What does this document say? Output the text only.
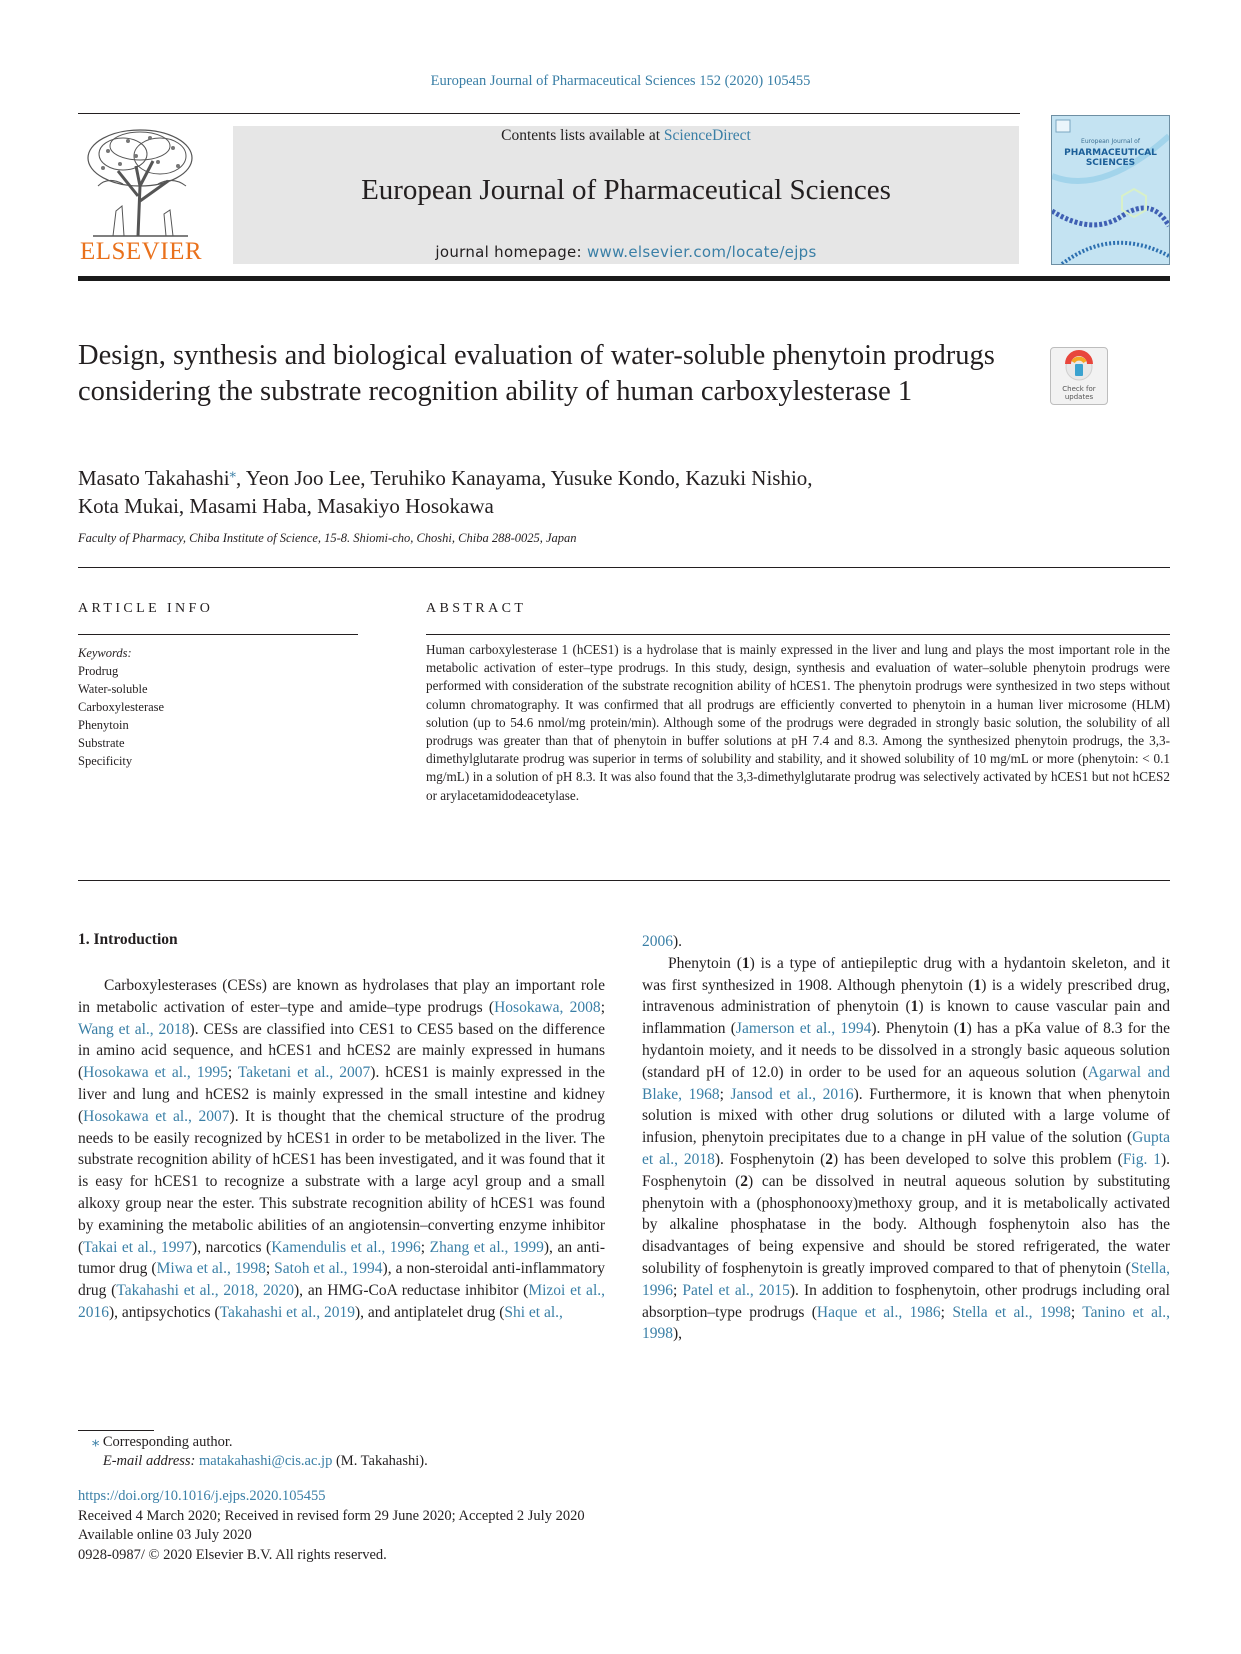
European Journal of Pharmaceutical Sciences 152 (2020) 105455
ELSEVIER
Contents lists available at ScienceDirect
European Journal of Pharmaceutical Sciences
journal homepage: www.elsevier.com/locate/ejps
European Journal of
PHARMACEUTICAL
SCIENCES
Design, synthesis and biological evaluation of water-soluble phenytoin prodrugs considering the substrate recognition ability of human carboxylesterase 1	Check for
updates
Masato Takahashi⁎, Yeon Joo Lee, Teruhiko Kanayama, Yusuke Kondo, Kazuki Nishio,
Kota Mukai, Masami Haba, Masakiyo Hosokawa
Faculty of Pharmacy, Chiba Institute of Science, 15-8. Shiomi-cho, Choshi, Chiba 288-0025, Japan
ARTICLE INFO	ABSTRACT
Keywords:
Prodrug
Water-soluble
Carboxylesterase
Phenytoin
Substrate
Specificity
Human carboxylesterase 1 (hCES1) is a hydrolase that is mainly expressed in the liver and lung and plays the most important role in the metabolic activation of ester–type prodrugs. In this study, design, synthesis and evaluation of water–soluble phenytoin prodrugs were performed with consideration of the substrate recognition ability of hCES1. The phenytoin prodrugs were synthesized in two steps without column chromatography. It was confirmed that all prodrugs are efficiently converted to phenytoin in a human liver microsome (HLM) solution (up to 54.6 nmol/mg protein/min). Although some of the prodrugs were degraded in strongly basic solution, the solubility of all prodrugs was greater than that of phenytoin in buffer solutions at pH 7.4 and 8.3. Among the synthesized phenytoin prodrugs, the 3,3-dimethylglutarate prodrug was superior in terms of solubility and stability, and it showed solubility of 10 mg/mL or more (phenytoin: < 0.1 mg/mL) in a solution of pH 8.3. It was also found that the 3,3-dimethylglutarate prodrug was selectively activated by hCES1 but not hCES2 or arylacetamidodeacetylase.
1. Introduction

Carboxylesterases (CESs) are known as hydrolases that play an important role in metabolic activation of ester–type and amide–type prodrugs (Hosokawa, 2008; Wang et al., 2018). CESs are classified into CES1 to CES5 based on the difference in amino acid sequence, and hCES1 and hCES2 are mainly expressed in humans (Hosokawa et al., 1995; Taketani et al., 2007). hCES1 is mainly expressed in the liver and lung and hCES2 is mainly expressed in the small intestine and kidney (Hosokawa et al., 2007). It is thought that the chemical structure of the prodrug needs to be easily recognized by hCES1 in order to be metabolized in the liver. The substrate recognition ability of hCES1 has been investigated, and it was found that it is easy for hCES1 to recognize a substrate with a large acyl group and a small alkoxy group near the ester. This substrate recognition ability of hCES1 was found by examining the metabolic abilities of an angiotensin–converting enzyme inhibitor (Takai et al., 1997), narcotics (Kamendulis et al., 1996; Zhang et al., 1999), an anti-tumor drug (Miwa et al., 1998; Satoh et al., 1994), a non-steroidal anti-inflammatory drug (Takahashi et al., 2018, 2020), an HMG-CoA reductase inhibitor (Mizoi et al., 2016), antipsychotics (Takahashi et al., 2019), and antiplatelet drug (Shi et al.,

2006).

Phenytoin (1) is a type of antiepileptic drug with a hydantoin skeleton, and it was first synthesized in 1908. Although phenytoin (1) is a widely prescribed drug, intravenous administration of phenytoin (1) is known to cause vascular pain and inflammation (Jamerson et al., 1994). Phenytoin (1) has a pKa value of 8.3 for the hydantoin moiety, and it needs to be dissolved in a strongly basic aqueous solution (standard pH of 12.0) in order to be used for an aqueous solution (Agarwal and Blake, 1968; Jansod et al., 2016). Furthermore, it is known that when phenytoin solution is mixed with other drug solutions or diluted with a large volume of infusion, phenytoin precipitates due to a change in pH value of the solution (Gupta et al., 2018). Fosphenytoin (2) has been developed to solve this problem (Fig. 1). Fosphenytoin (2) can be dissolved in neutral aqueous solution by substituting phenytoin with a (phosphonooxy)methoxy group, and it is metabolically activated by alkaline phosphatase in the body. Although fosphenytoin also has the disadvantages of being expensive and should be stored refrigerated, the water solubility of fosphenytoin is greatly improved compared to that of phenytoin (Stella, 1996; Patel et al., 2015). In addition to fosphenytoin, other prodrugs including oral absorption–type prodrugs (Haque et al., 1986; Stella et al., 1998; Tanino et al., 1998),

⁎ Corresponding author.
E-mail address: matakahashi@cis.ac.jp (M. Takahashi).
https://doi.org/10.1016/j.ejps.2020.105455
Received 4 March 2020; Received in revised form 29 June 2020; Accepted 2 July 2020
Available online 03 July 2020
0928-0987/ © 2020 Elsevier B.V. All rights reserved.
